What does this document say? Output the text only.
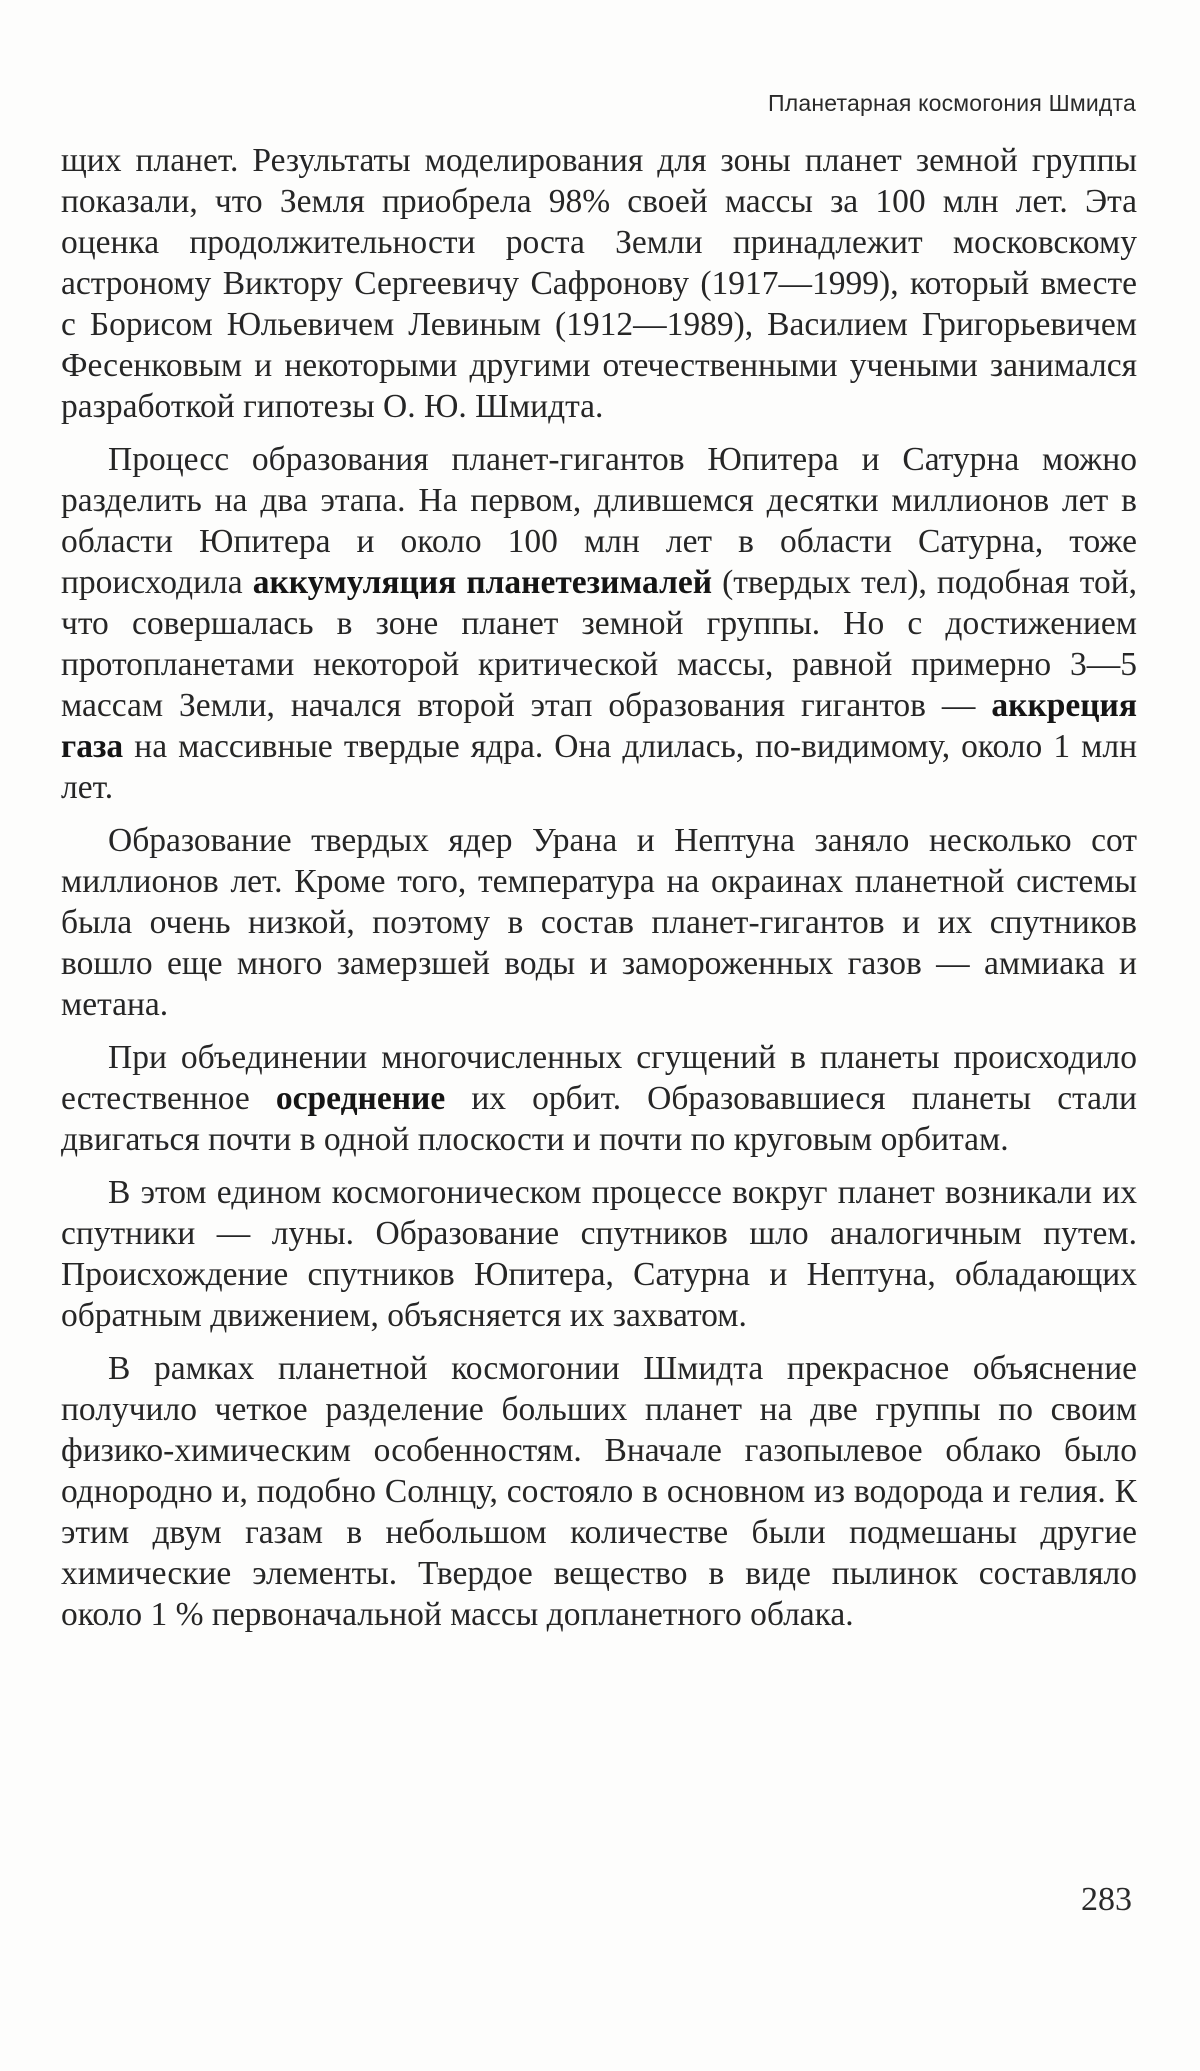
Планетарная космогония Шмидта

щих планет. Результаты моделирования для зоны планет земной группы показали, что Земля приобрела 98% своей массы за 100 млн лет. Эта оценка продолжительности роста Земли принадлежит московскому астроному Виктору Сергеевичу Сафронову (1917—1999), который вместе с Борисом Юльевичем Левиным (1912—1989), Василием Григорьевичем Фесенковым и некоторыми другими отечественными учеными занимался разработкой гипотезы О. Ю. Шмидта.

Процесс образования планет-гигантов Юпитера и Сатурна можно разделить на два этапа. На первом, длившемся десятки миллионов лет в области Юпитера и около 100 млн лет в области Сатурна, тоже происходила аккумуляция планетезималей (твердых тел), подобная той, что совершалась в зоне планет земной группы. Но с достижением протопланетами некоторой критической массы, равной примерно 3—5 массам Земли, начался второй этап образования гигантов — аккреция газа на массивные твердые ядра. Она длилась, по-видимому, около 1 млн лет.

Образование твердых ядер Урана и Нептуна заняло несколько сот миллионов лет. Кроме того, температура на окраинах планетной системы была очень низкой, поэтому в состав планет-гигантов и их спутников вошло еще много замерзшей воды и замороженных газов — аммиака и метана.

При объединении многочисленных сгущений в планеты происходило естественное осреднение их орбит. Образовавшиеся планеты стали двигаться почти в одной плоскости и почти по круговым орбитам.

В этом едином космогоническом процессе вокруг планет возникали их спутники — луны. Образование спутников шло аналогичным путем. Происхождение спутников Юпитера, Сатурна и Нептуна, обладающих обратным движением, объясняется их захватом.

В рамках планетной космогонии Шмидта прекрасное объяснение получило четкое разделение больших планет на две группы по своим физико-химическим особенностям. Вначале газопылевое облако было однородно и, подобно Солнцу, состояло в основном из водорода и гелия. К этим двум газам в небольшом количестве были подмешаны другие химические элементы. Твердое вещество в виде пылинок составляло около 1 % первоначальной массы допланетного облака.

283
